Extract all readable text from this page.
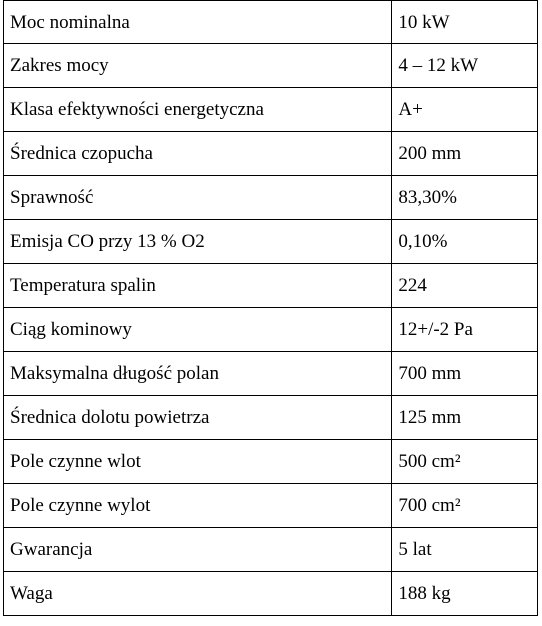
Moc nominalna	10 kW
Zakres mocy	4 – 12 kW
Klasa efektywności energetyczna	A+
Średnica czopucha	200 mm
Sprawność	83,30%
Emisja CO przy 13 % O2	0,10%
Temperatura spalin	224
Ciąg kominowy	12+/-2 Pa
Maksymalna długość polan	700 mm
Średnica dolotu powietrza	125 mm
Pole czynne wlot	500 cm²
Pole czynne wylot	700 cm²
Gwarancja	5 lat
Waga	188 kg
